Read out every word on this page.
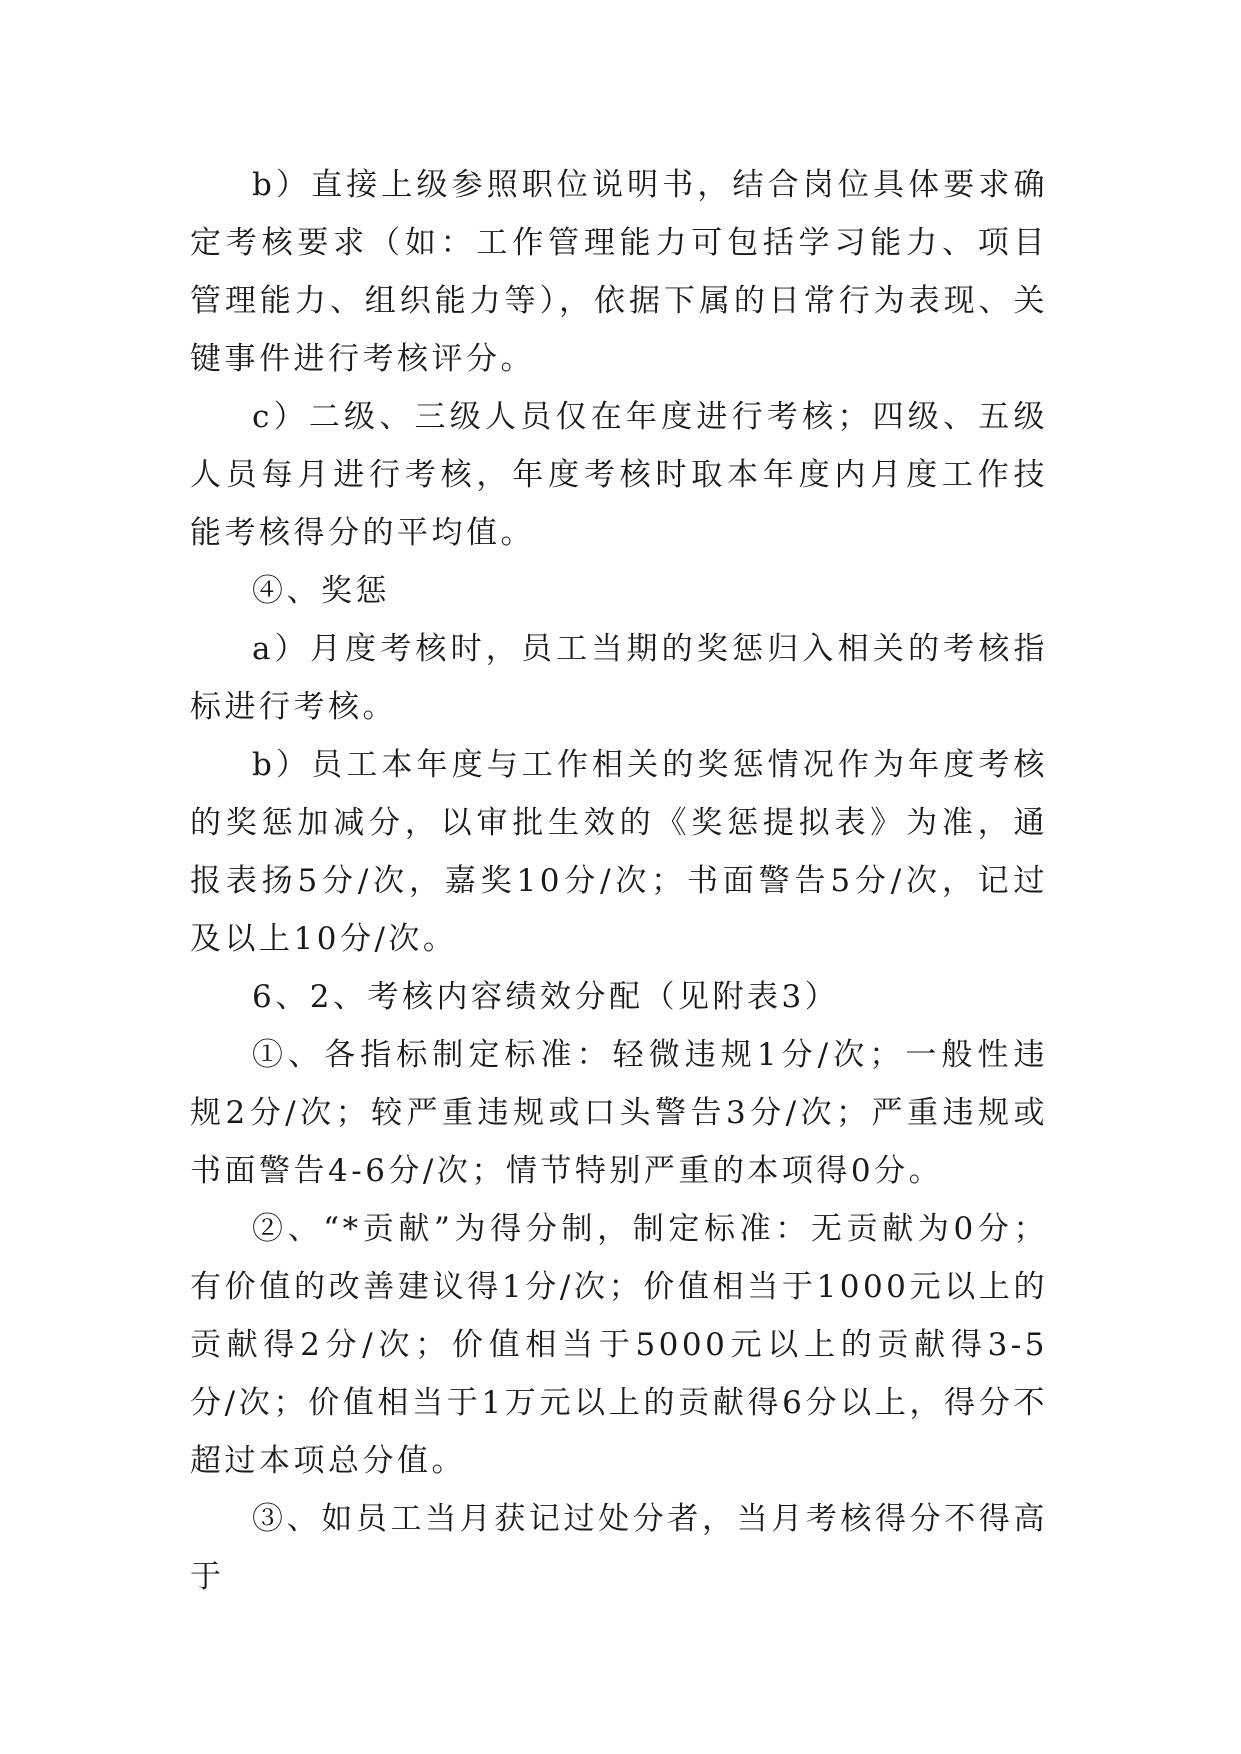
b）直接上级参照职位说明书，结合岗位具体要求确定考核要求（如：工作管理能力可包括学习能力、项目管理能力、组织能力等），依据下属的日常行为表现、关键事件进行考核评分。

c）二级、三级人员仅在年度进行考核；四级、五级人员每月进行考核，年度考核时取本年度内月度工作技能考核得分的平均值。

④、奖惩

a）月度考核时，员工当期的奖惩归入相关的考核指标进行考核。

b）员工本年度与工作相关的奖惩情况作为年度考核的奖惩加减分，以审批生效的《奖惩提拟表》为准，通报表扬5分/次，嘉奖10分/次；书面警告5分/次，记过及以上10分/次。

6、2、考核内容绩效分配（见附表3）

①、各指标制定标准：轻微违规1分/次；一般性违规2分/次；较严重违规或口头警告3分/次；严重违规或书面警告4-6分/次；情节特别严重的本项得0分。

②、“*贡献”为得分制，制定标准：无贡献为0分；有价值的改善建议得1分/次；价值相当于1000元以上的贡献得2分/次；价值相当于5000元以上的贡献得3-5分/次；价值相当于1万元以上的贡献得6分以上，得分不超过本项总分值。

③、如员工当月获记过处分者，当月考核得分不得高于
